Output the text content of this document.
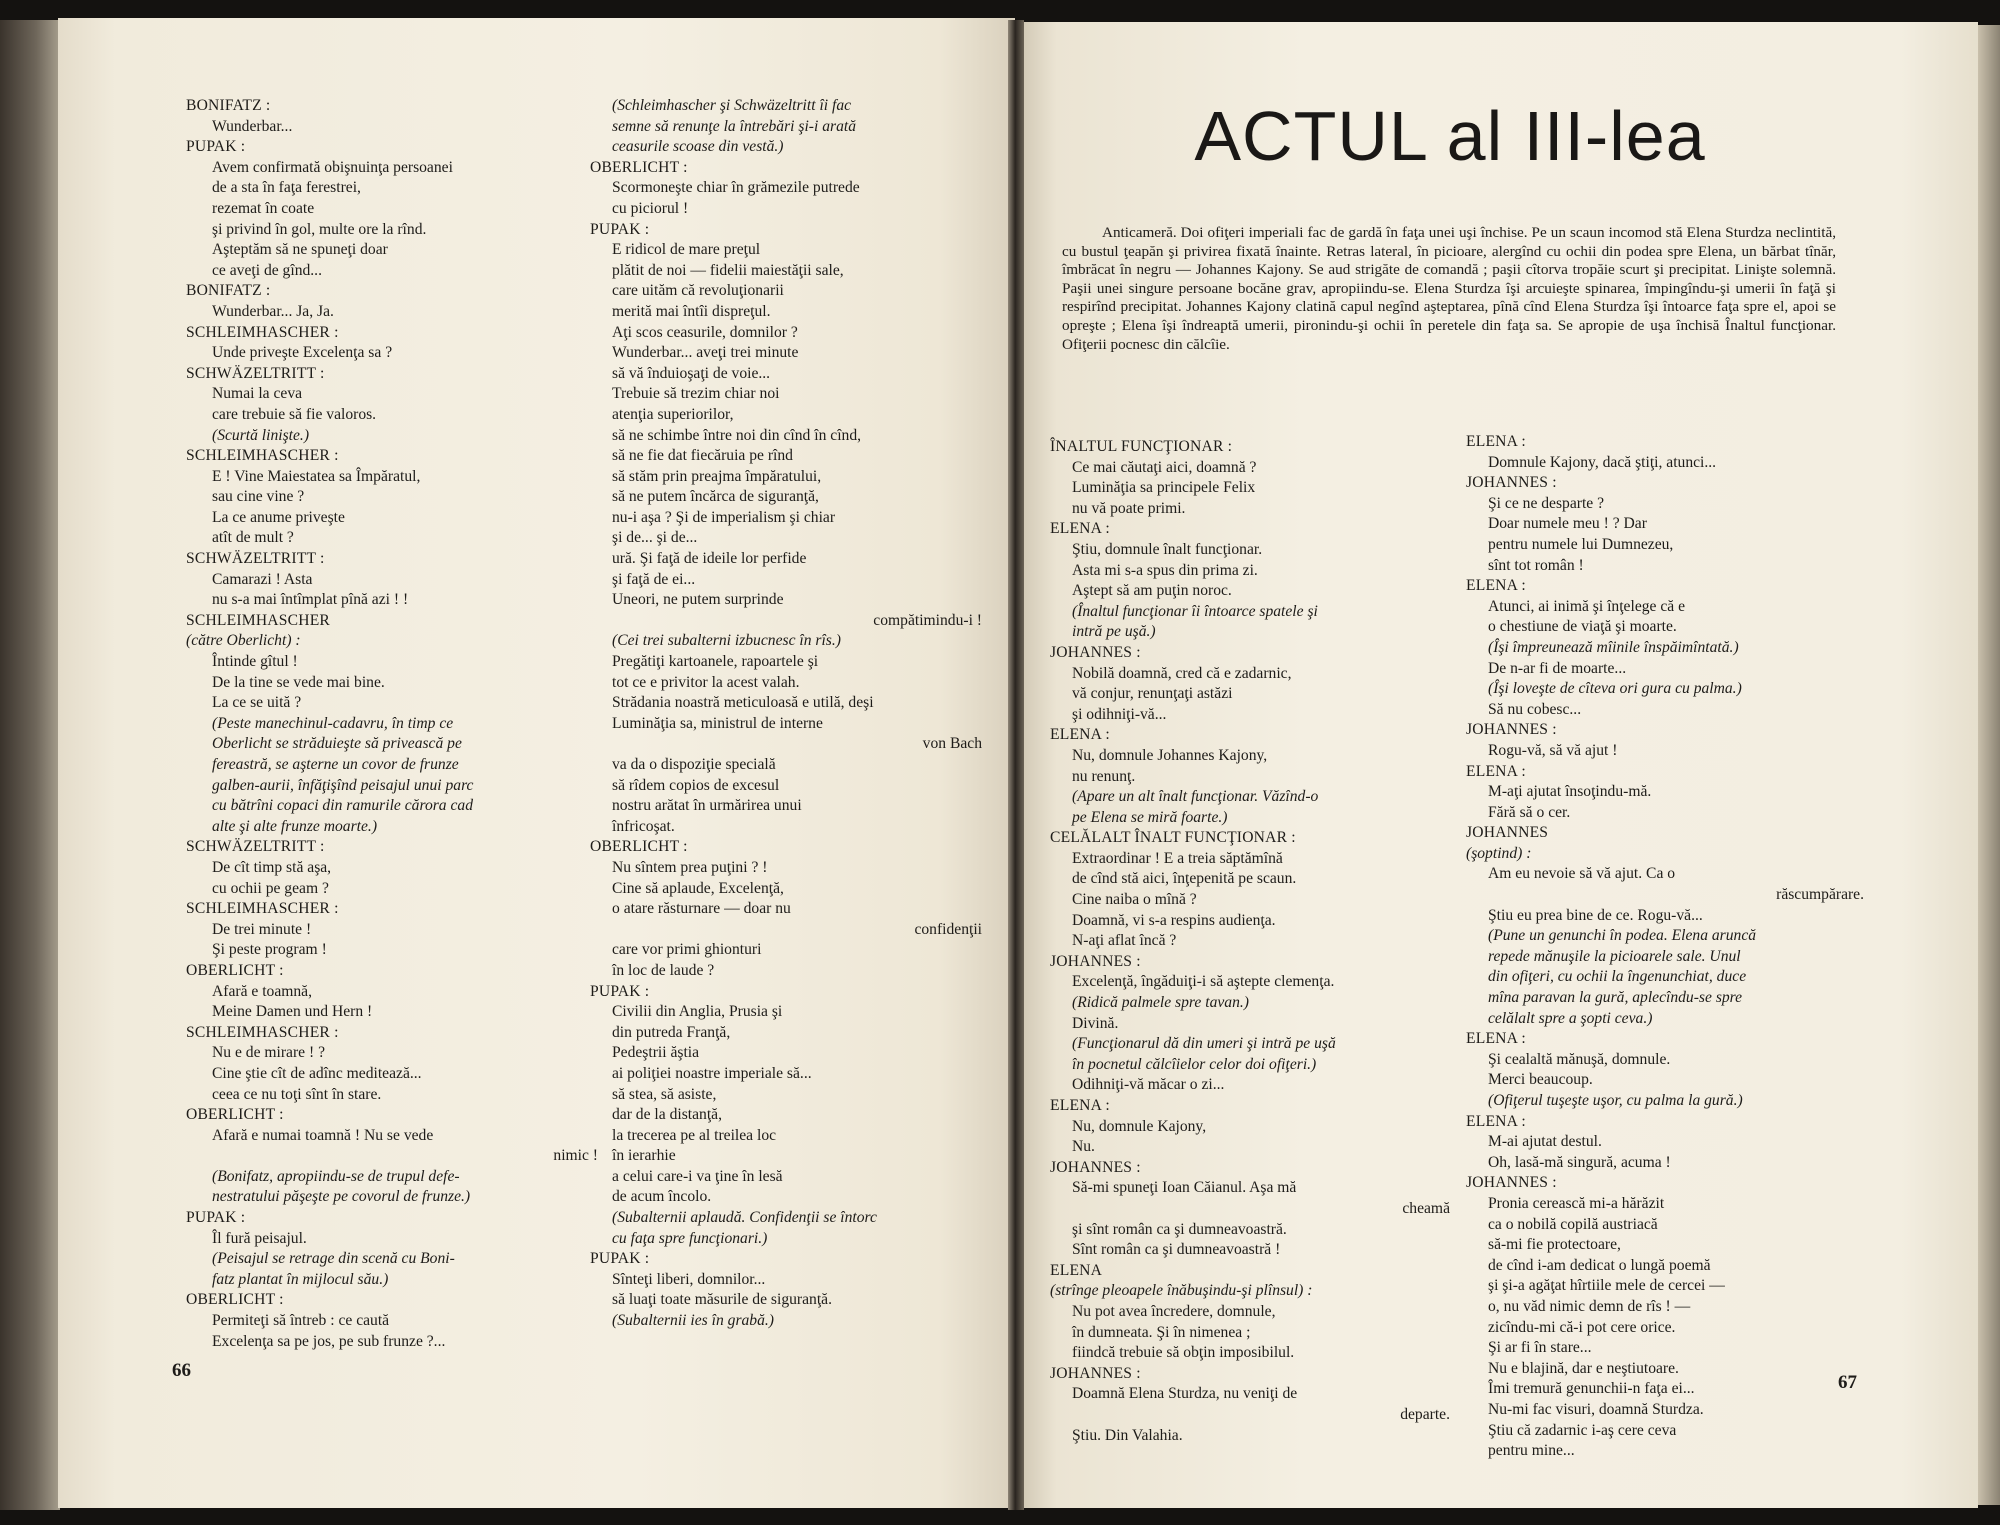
BONIFATZ :
Wunderbar...
PUPAK :
Avem confirmată obişnuinţa persoanei
de a sta în faţa ferestrei,
rezemat în coate
şi privind în gol, multe ore la rînd.
Aşteptăm să ne spuneţi doar
ce aveţi de gînd...
BONIFATZ :
Wunderbar... Ja, Ja.
SCHLEIMHASCHER :
Unde priveşte Excelenţa sa ?
SCHWÄZELTRITT :
Numai la ceva
care trebuie să fie valoros.
(Scurtă linişte.)
SCHLEIMHASCHER :
E ! Vine Maiestatea sa Împăratul,
sau cine vine ?
La ce anume priveşte
atît de mult ?
SCHWÄZELTRITT :
Camarazi ! Asta
nu s-a mai întîmplat pînă azi ! !
SCHLEIMHASCHER
(către Oberlicht) :
Întinde gîtul !
De la tine se vede mai bine.
La ce se uită ?
(Peste manechinul-cadavru, în timp ce
Oberlicht se străduieşte să privească pe
fereastră, se aşterne un covor de frunze
galben-aurii, înfăţişînd peisajul unui parc
cu bătrîni copaci din ramurile cărora cad
alte şi alte frunze moarte.)
SCHWÄZELTRITT :
De cît timp stă aşa,
cu ochii pe geam ?
SCHLEIMHASCHER :
De trei minute !
Şi peste program !
OBERLICHT :
Afară e toamnă,
Meine Damen und Hern !
SCHLEIMHASCHER :
Nu e de mirare ! ?
Cine ştie cît de adînc meditează...
ceea ce nu toţi sînt în stare.
OBERLICHT :
Afară e numai toamnă ! Nu se vede
nimic !
(Bonifatz, apropiindu-se de trupul defe-
nestratului păşeşte pe covorul de frunze.)
PUPAK :
Îl fură peisajul.
(Peisajul se retrage din scenă cu Boni-
fatz plantat în mijlocul său.)
OBERLICHT :
Permiteţi să întreb : ce caută
Excelenţa sa pe jos, pe sub frunze ?...
(Schleimhascher şi Schwäzeltritt îi fac
semne să renunţe la întrebări şi-i arată
ceasurile scoase din vestă.)
OBERLICHT :
Scormoneşte chiar în grămezile putrede
cu piciorul !
PUPAK :
E ridicol de mare preţul
plătit de noi — fidelii maiestăţii sale,
care uităm că revoluţionarii
merită mai întîi dispreţul.
Aţi scos ceasurile, domnilor ?
Wunderbar... aveţi trei minute
să vă înduioşaţi de voie...
Trebuie să trezim chiar noi
atenţia superiorilor,
să ne schimbe între noi din cînd în cînd,
să ne fie dat fiecăruia pe rînd
să stăm prin preajma împăratului,
să ne putem încărca de siguranţă,
nu-i aşa ? Şi de imperialism şi chiar
şi de... şi de...
ură. Şi faţă de ideile lor perfide
şi faţă de ei...
Uneori, ne putem surprinde
compătimindu-i !
(Cei trei subalterni izbucnesc în rîs.)
Pregătiţi kartoanele, rapoartele şi
tot ce e privitor la acest valah.
Strădania noastră meticuloasă e utilă, deşi
Luminăţia sa, ministrul de interne
von Bach
va da o dispoziţie specială
să rîdem copios de excesul
nostru arătat în urmărirea unui
înfricoşat.
OBERLICHT :
Nu sîntem prea puţini ? !
Cine să aplaude, Excelenţă,
o atare răsturnare — doar nu
confidenţii
care vor primi ghionturi
în loc de laude ?
PUPAK :
Civilii din Anglia, Prusia şi
din putreda Franţă,
Pedeştrii ăştia
ai poliţiei noastre imperiale să...
să stea, să asiste,
dar de la distanţă,
la trecerea pe al treilea loc
în ierarhie
a celui care-i va ţine în lesă
de acum încolo.
(Subalternii aplaudă. Confidenţii se întorc
cu faţa spre funcţionari.)
PUPAK :
Sînteţi liberi, domnilor...
să luaţi toate măsurile de siguranţă.
(Subalternii ies în grabă.)
66
ACTUL al III-lea
Anticameră. Doi ofiţeri imperiali fac de gardă în faţa unei uşi închise. Pe un scaun incomod stă Elena Sturdza neclintită, cu bustul ţeapăn şi privirea fixată înainte. Retras lateral, în picioare, alergînd cu ochii din podea spre Elena, un bărbat tînăr, îmbrăcat în negru — Johannes Kajony. Se aud strigăte de comandă ; paşii cîtorva tropăie scurt şi precipitat. Linişte solemnă. Paşii unei singure persoane bocăne grav, apropiindu-se. Elena Sturdza îşi arcuieşte spinarea, împingîndu-şi umerii în faţă şi respirînd precipitat. Johannes Kajony clatină capul negînd aşteptarea, pînă cînd Elena Sturdza îşi întoarce faţa spre el, apoi se opreşte ; Elena îşi îndreaptă umerii, pironindu-şi ochii în peretele din faţa sa. Se apropie de uşa închisă Înaltul funcţionar. Ofiţerii pocnesc din călcîie.
ÎNALTUL FUNCŢIONAR :
Ce mai căutaţi aici, doamnă ?
Luminăţia sa principele Felix
nu vă poate primi.
ELENA :
Ştiu, domnule înalt funcţionar.
Asta mi s-a spus din prima zi.
Aştept să am puţin noroc.
(Înaltul funcţionar îi întoarce spatele şi
intră pe uşă.)
JOHANNES :
Nobilă doamnă, cred că e zadarnic,
vă conjur, renunţaţi astăzi
şi odihniţi-vă...
ELENA :
Nu, domnule Johannes Kajony,
nu renunţ.
(Apare un alt înalt funcţionar. Văzînd-o
pe Elena se miră foarte.)
CELĂLALT ÎNALT FUNCŢIONAR :
Extraordinar ! E a treia săptămînă
de cînd stă aici, înţepenită pe scaun.
Cine naiba o mînă ?
Doamnă, vi s-a respins audienţa.
N-aţi aflat încă ?
JOHANNES :
Excelenţă, îngăduiţi-i să aştepte clemenţa.
(Ridică palmele spre tavan.)
Divină.
(Funcţionarul dă din umeri şi intră pe uşă
în pocnetul călcîielor celor doi ofiţeri.)
Odihniţi-vă măcar o zi...
ELENA :
Nu, domnule Kajony,
Nu.
JOHANNES :
Să-mi spuneţi Ioan Căianul. Aşa mă
cheamă
şi sînt român ca şi dumneavoastră.
Sînt român ca şi dumneavoastră !
ELENA
(strînge pleoapele înăbuşindu-şi plînsul) :
Nu pot avea încredere, domnule,
în dumneata. Şi în nimenea ;
fiindcă trebuie să obţin imposibilul.
JOHANNES :
Doamnă Elena Sturdza, nu veniţi de
departe.
Ştiu. Din Valahia.
ELENA :
Domnule Kajony, dacă ştiţi, atunci...
JOHANNES :
Şi ce ne desparte ?
Doar numele meu ! ? Dar
pentru numele lui Dumnezeu,
sînt tot român !
ELENA :
Atunci, ai inimă şi înţelege că e
o chestiune de viaţă şi moarte.
(Îşi împreunează mîinile înspăimîntată.)
De n-ar fi de moarte...
(Îşi loveşte de cîteva ori gura cu palma.)
Să nu cobesc...
JOHANNES :
Rogu-vă, să vă ajut !
ELENA :
M-aţi ajutat însoţindu-mă.
Fără să o cer.
JOHANNES
(şoptind) :
Am eu nevoie să vă ajut. Ca o
răscumpărare.
Ştiu eu prea bine de ce. Rogu-vă...
(Pune un genunchi în podea. Elena aruncă
repede mănuşile la picioarele sale. Unul
din ofiţeri, cu ochii la îngenunchiat, duce
mîna paravan la gură, aplecîndu-se spre
celălalt spre a şopti ceva.)
ELENA :
Şi cealaltă mănuşă, domnule.
Merci beaucoup.
(Ofiţerul tuşeşte uşor, cu palma la gură.)
ELENA :
M-ai ajutat destul.
Oh, lasă-mă singură, acuma !
JOHANNES :
Pronia cerească mi-a hărăzit
ca o nobilă copilă austriacă
să-mi fie protectoare,
de cînd i-am dedicat o lungă poemă
şi şi-a agăţat hîrtiile mele de cercei —
o, nu văd nimic demn de rîs ! —
zicîndu-mi că-i pot cere orice.
Şi ar fi în stare...
Nu e blajină, dar e neştiutoare.
Îmi tremură genunchii-n faţa ei...
Nu-mi fac visuri, doamnă Sturdza.
Ştiu că zadarnic i-aş cere ceva
pentru mine...
67
